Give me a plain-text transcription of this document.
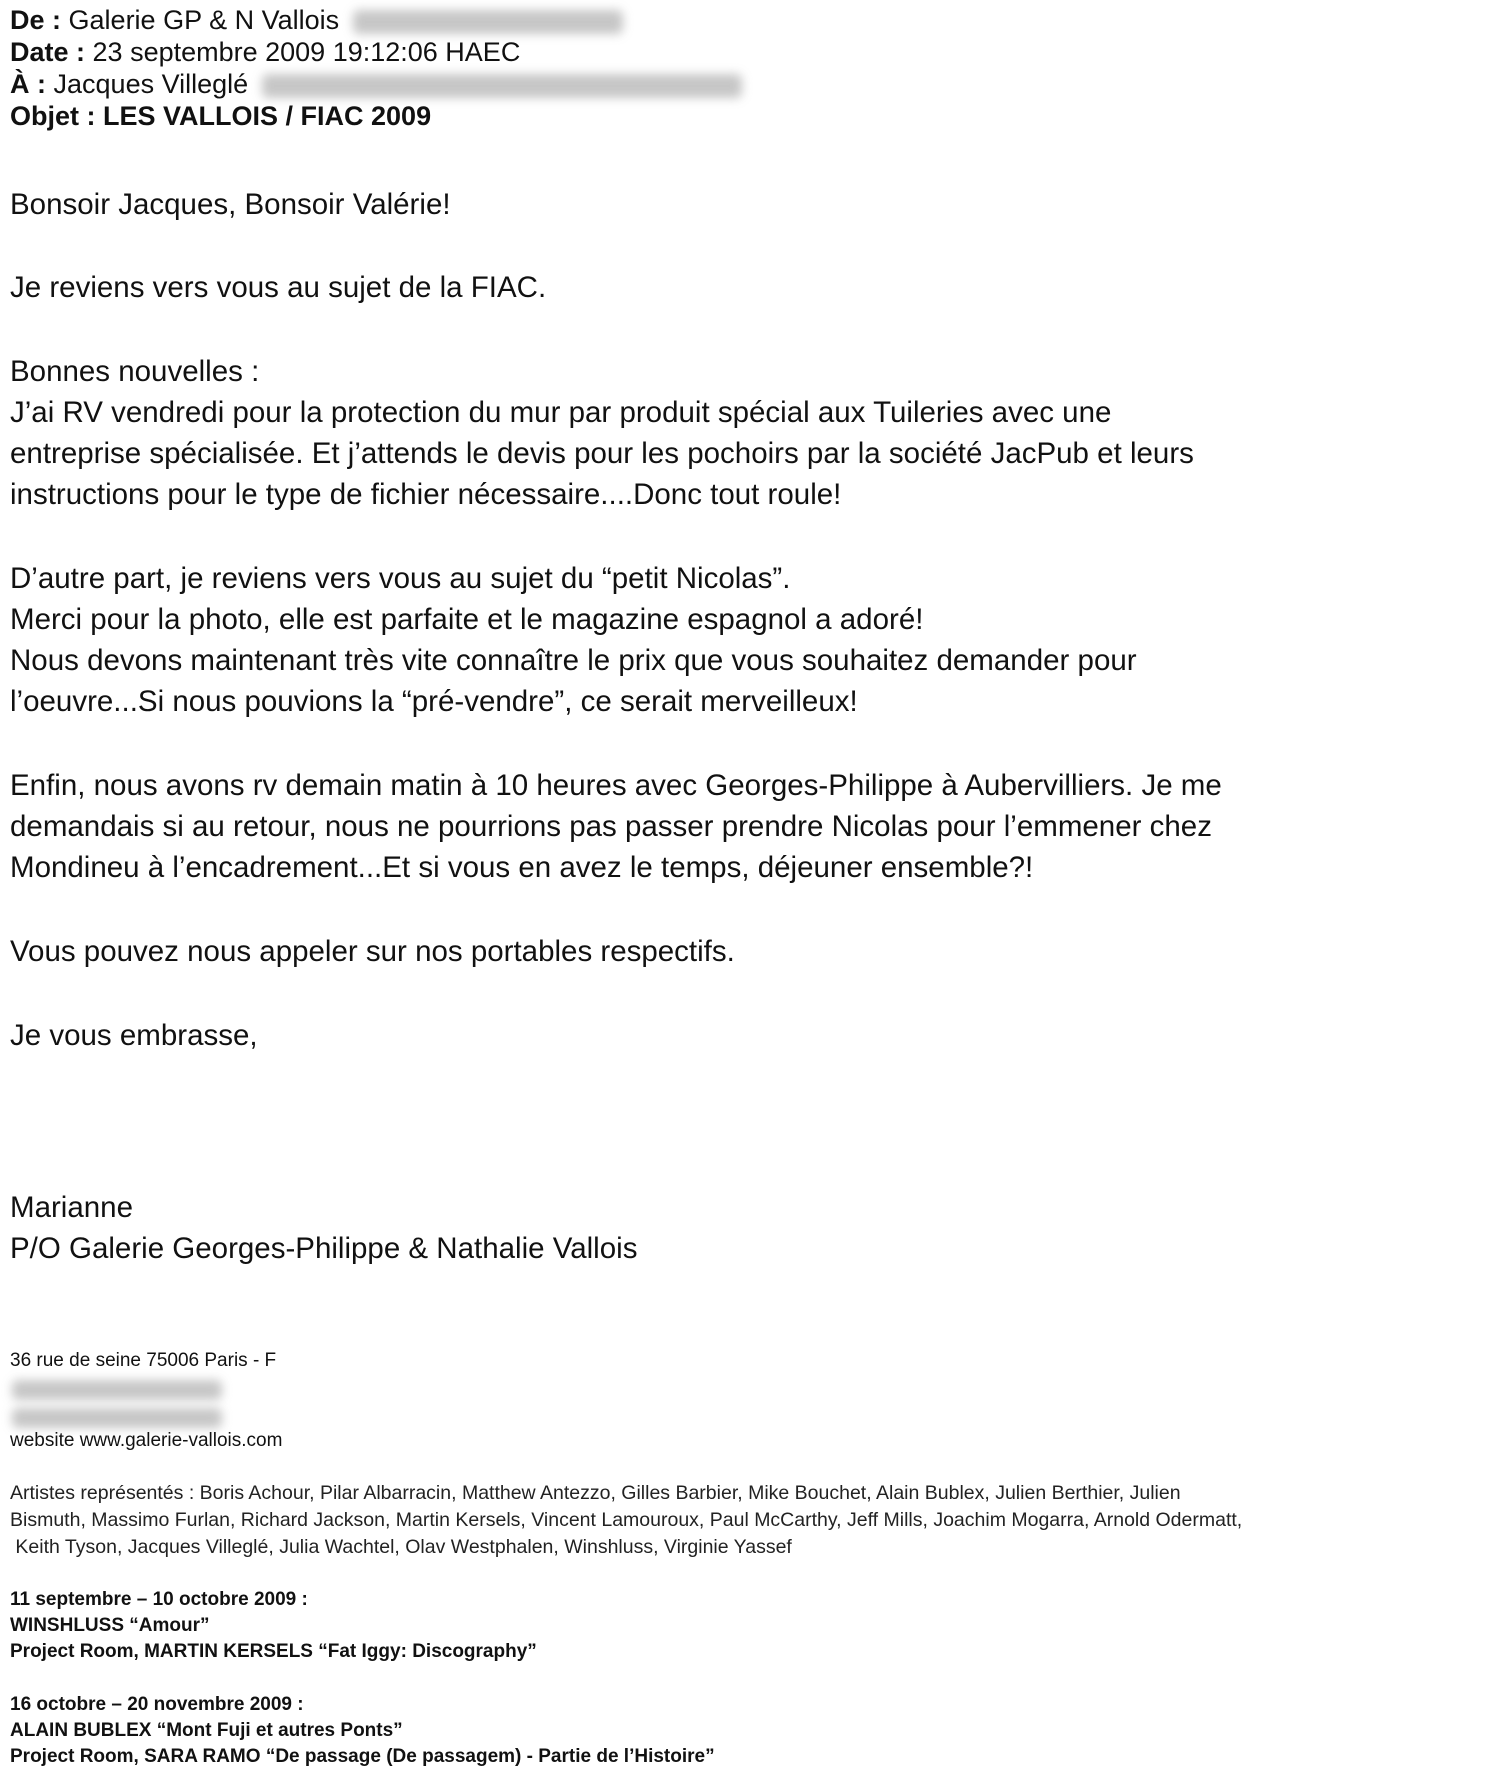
De : Galerie GP & N Vallois
Date : 23 septembre 2009 19:12:06 HAEC
À : Jacques Villeglé
Objet : LES VALLOIS / FIAC 2009
Bonsoir Jacques, Bonsoir Valérie!
Je reviens vers vous au sujet de la FIAC.
Bonnes nouvelles :
J’ai RV vendredi pour la protection du mur par produit spécial aux Tuileries avec une
entreprise spécialisée. Et j’attends le devis pour les pochoirs par la société JacPub et leurs
instructions pour le type de fichier nécessaire....Donc tout roule!
D’autre part, je reviens vers vous au sujet du “petit Nicolas”.
Merci pour la photo, elle est parfaite et le magazine espagnol a adoré!
Nous devons maintenant très vite connaître le prix que vous souhaitez demander pour
l’oeuvre...Si nous pouvions la “pré-vendre”, ce serait merveilleux!
Enfin, nous avons rv demain matin à 10 heures avec Georges-Philippe à Aubervilliers. Je me
demandais si au retour, nous ne pourrions pas passer prendre Nicolas pour l’emmener chez
Mondineu à l’encadrement...Et si vous en avez le temps, déjeuner ensemble?!
Vous pouvez nous appeler sur nos portables respectifs.
Je vous embrasse,
Marianne
P/O Galerie Georges-Philippe & Nathalie Vallois
36 rue de seine 75006 Paris - F
website www.galerie-vallois.com
Artistes représentés : Boris Achour, Pilar Albarracin, Matthew Antezzo, Gilles Barbier, Mike Bouchet, Alain Bublex, Julien Berthier, Julien
Bismuth, Massimo Furlan, Richard Jackson, Martin Kersels, Vincent Lamouroux, Paul McCarthy, Jeff Mills, Joachim Mogarra, Arnold Odermatt,
Keith Tyson, Jacques Villeglé, Julia Wachtel, Olav Westphalen, Winshluss, Virginie Yassef
11 septembre – 10 octobre 2009 :
WINSHLUSS “Amour”
Project Room, MARTIN KERSELS “Fat Iggy: Discography”
16 octobre – 20 novembre 2009 :
ALAIN BUBLEX “Mont Fuji et autres Ponts”
Project Room, SARA RAMO “De passage (De passagem) - Partie de l’Histoire”
